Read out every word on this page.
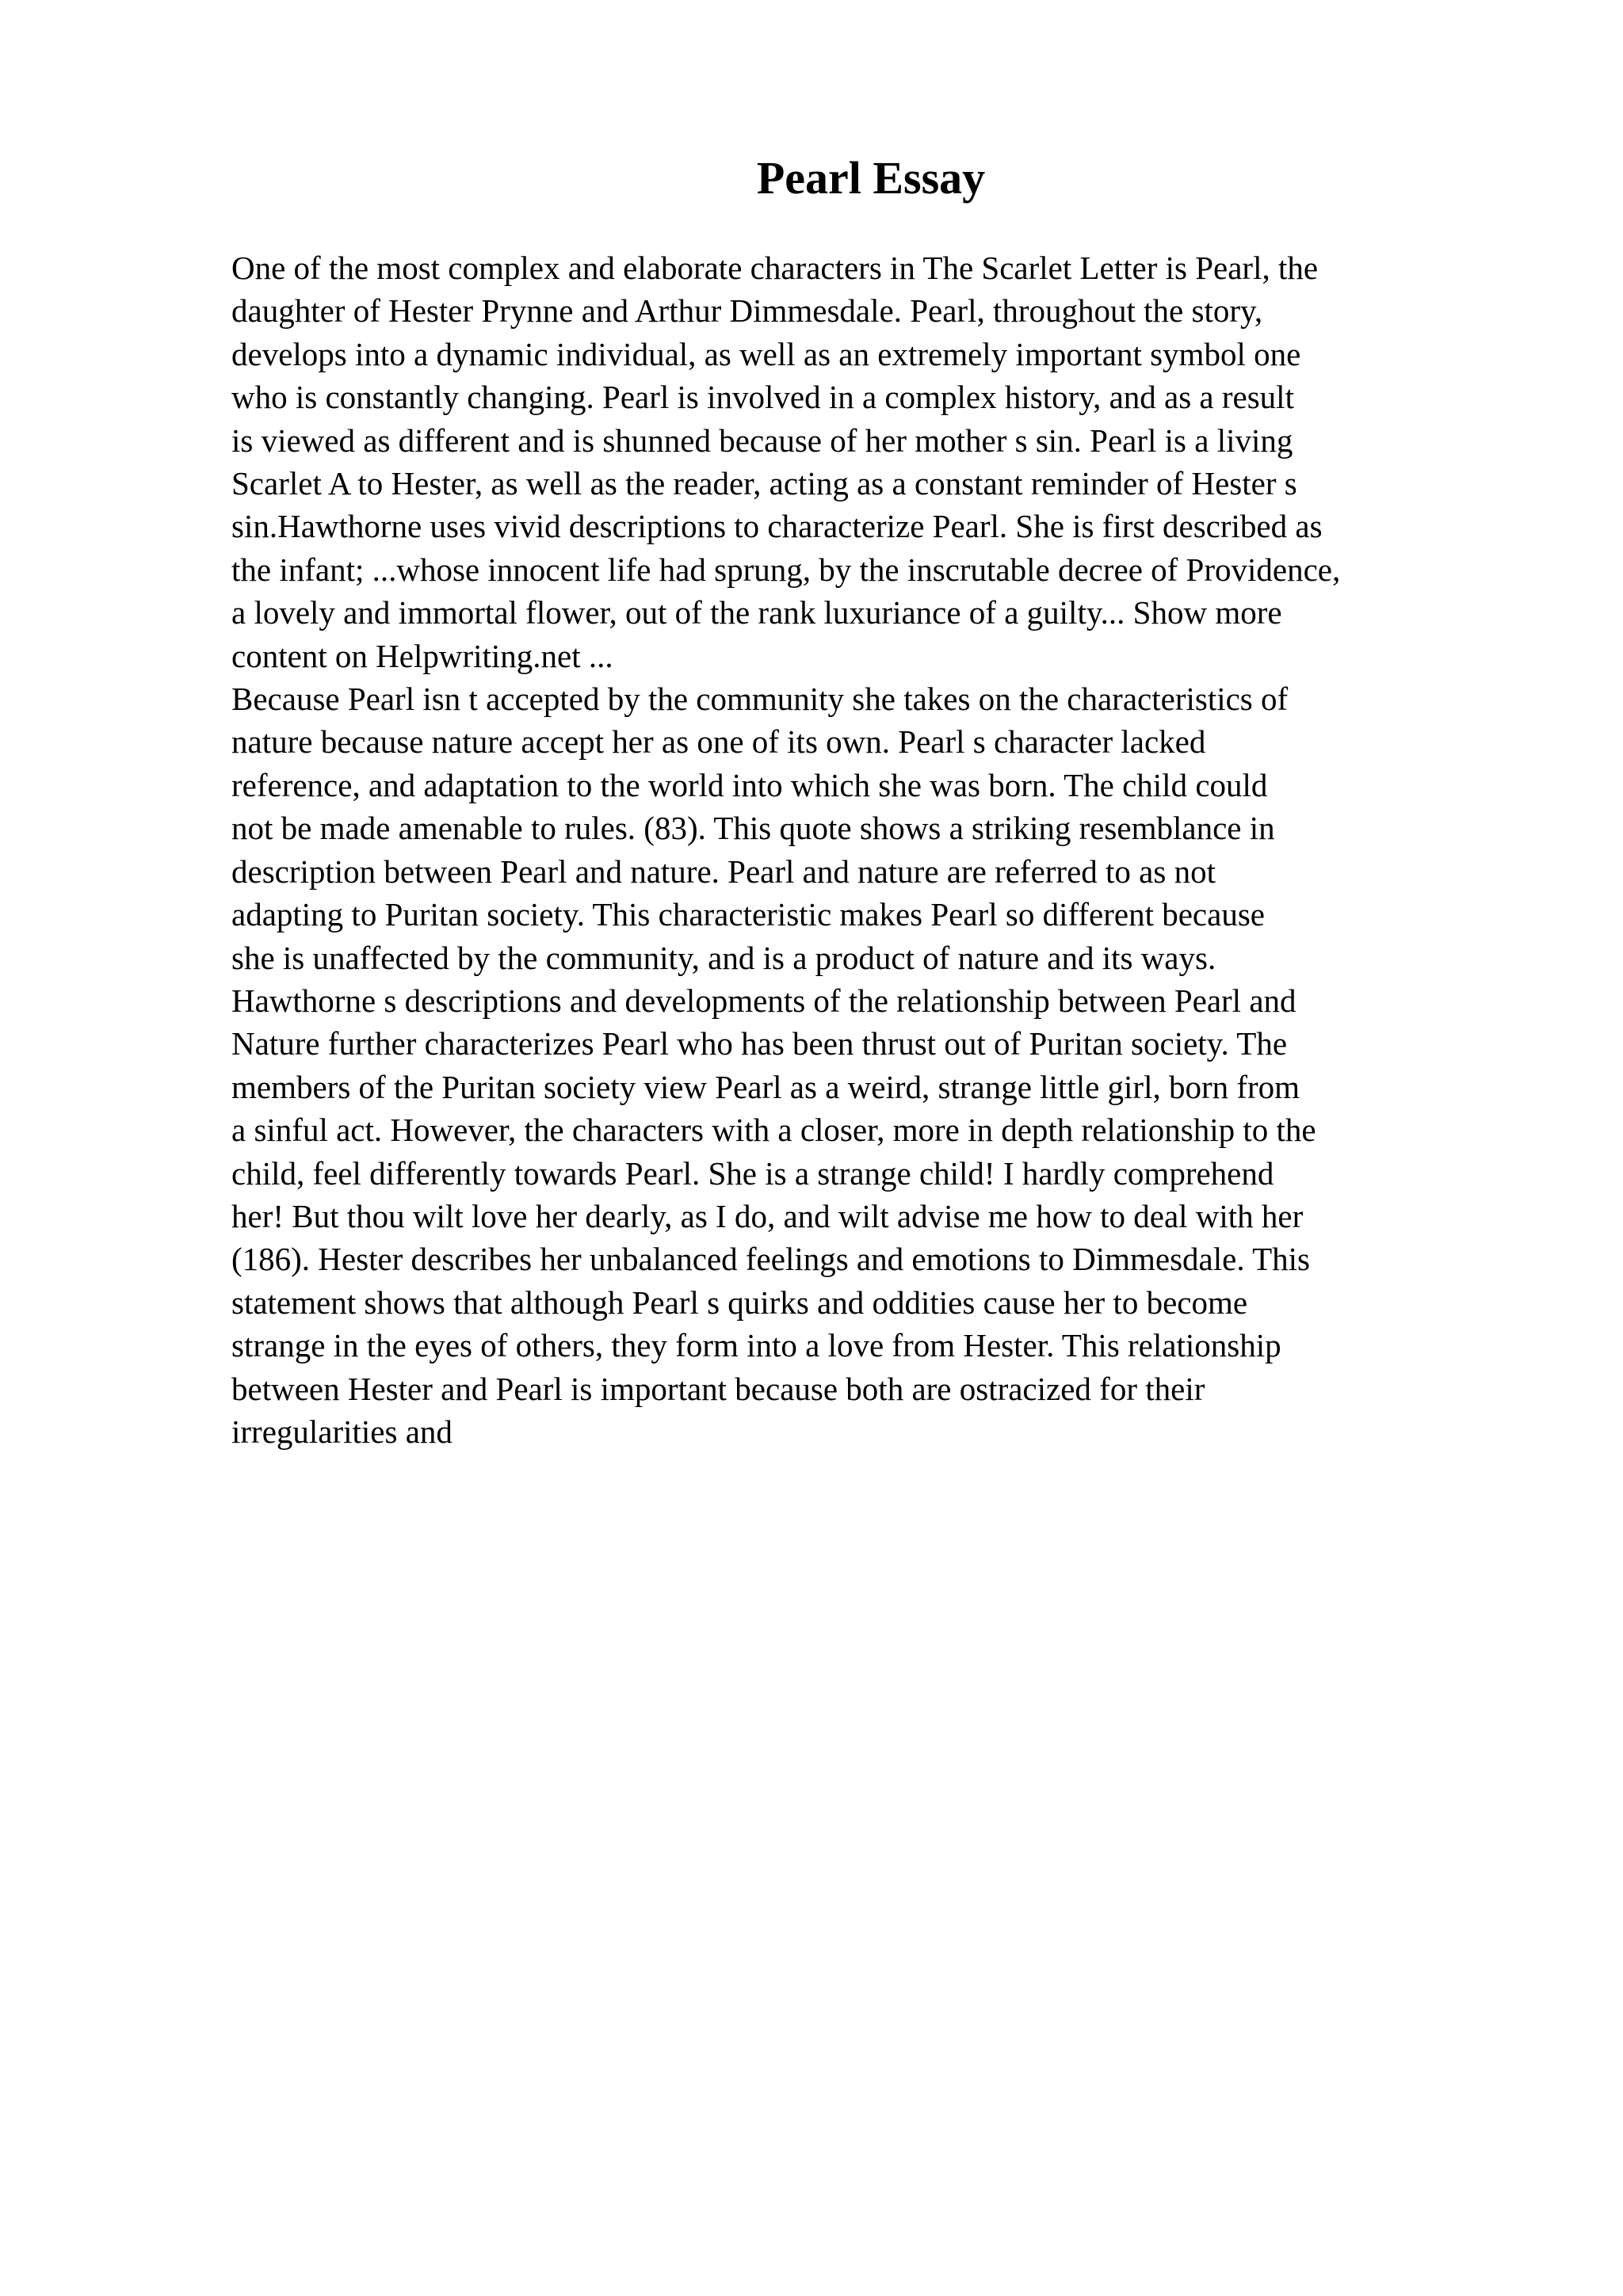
Pearl Essay
One of the most complex and elaborate characters in The Scarlet Letter is Pearl, the
daughter of Hester Prynne and Arthur Dimmesdale. Pearl, throughout the story,
develops into a dynamic individual, as well as an extremely important symbol one
who is constantly changing. Pearl is involved in a complex history, and as a result
is viewed as different and is shunned because of her mother s sin. Pearl is a living
Scarlet A to Hester, as well as the reader, acting as a constant reminder of Hester s
sin.Hawthorne uses vivid descriptions to characterize Pearl. She is first described as
the infant; ...whose innocent life had sprung, by the inscrutable decree of Providence,
a lovely and immortal flower, out of the rank luxuriance of a guilty... Show more
content on Helpwriting.net ...
Because Pearl isn t accepted by the community she takes on the characteristics of
nature because nature accept her as one of its own. Pearl s character lacked
reference, and adaptation to the world into which she was born. The child could
not be made amenable to rules. (83). This quote shows a striking resemblance in
description between Pearl and nature. Pearl and nature are referred to as not
adapting to Puritan society. This characteristic makes Pearl so different because
she is unaffected by the community, and is a product of nature and its ways.
Hawthorne s descriptions and developments of the relationship between Pearl and
Nature further characterizes Pearl who has been thrust out of Puritan society. The
members of the Puritan society view Pearl as a weird, strange little girl, born from
a sinful act. However, the characters with a closer, more in depth relationship to the
child, feel differently towards Pearl. She is a strange child! I hardly comprehend
her! But thou wilt love her dearly, as I do, and wilt advise me how to deal with her
(186). Hester describes her unbalanced feelings and emotions to Dimmesdale. This
statement shows that although Pearl s quirks and oddities cause her to become
strange in the eyes of others, they form into a love from Hester. This relationship
between Hester and Pearl is important because both are ostracized for their
irregularities and
